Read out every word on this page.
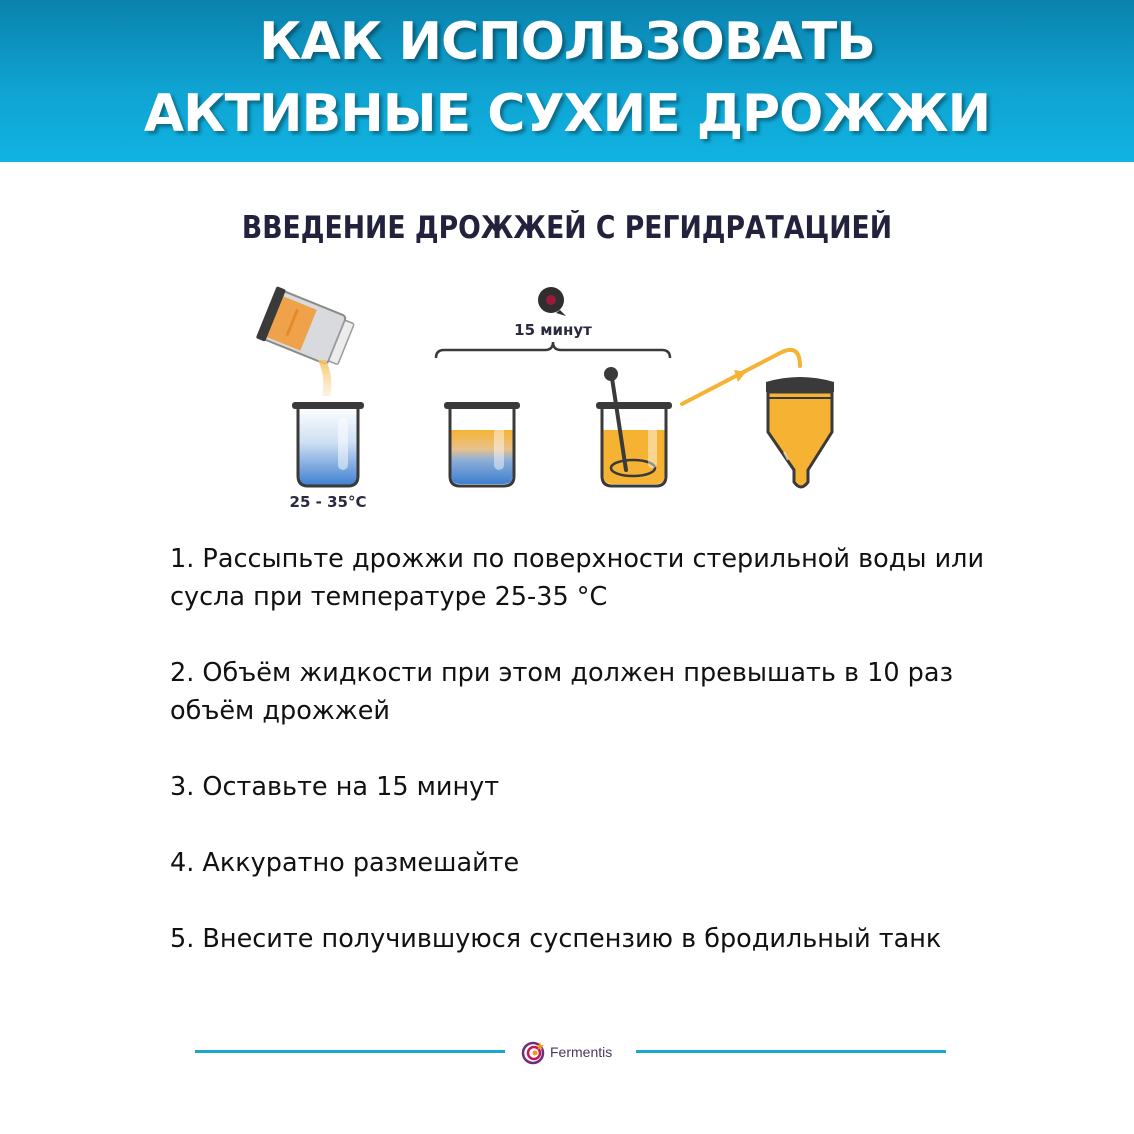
КАК ИСПОЛЬЗОВАТЬ
АКТИВНЫЕ СУХИЕ ДРОЖЖИ
ВВЕДЕНИЕ ДРОЖЖЕЙ С РЕГИДРАТАЦИЕЙ
25 - 35°C
15 минут
1. Рассыпьте дрожжи по поверхности стерильной воды или сусла при температуре 25-35 °С
2. Объём жидкости при этом должен превышать в 10 раз объём дрожжей
3. Оставьте на 15 минут
4. Аккуратно размешайте
5. Внесите получившуюся суспензию в бродильный танк
Fermentis
